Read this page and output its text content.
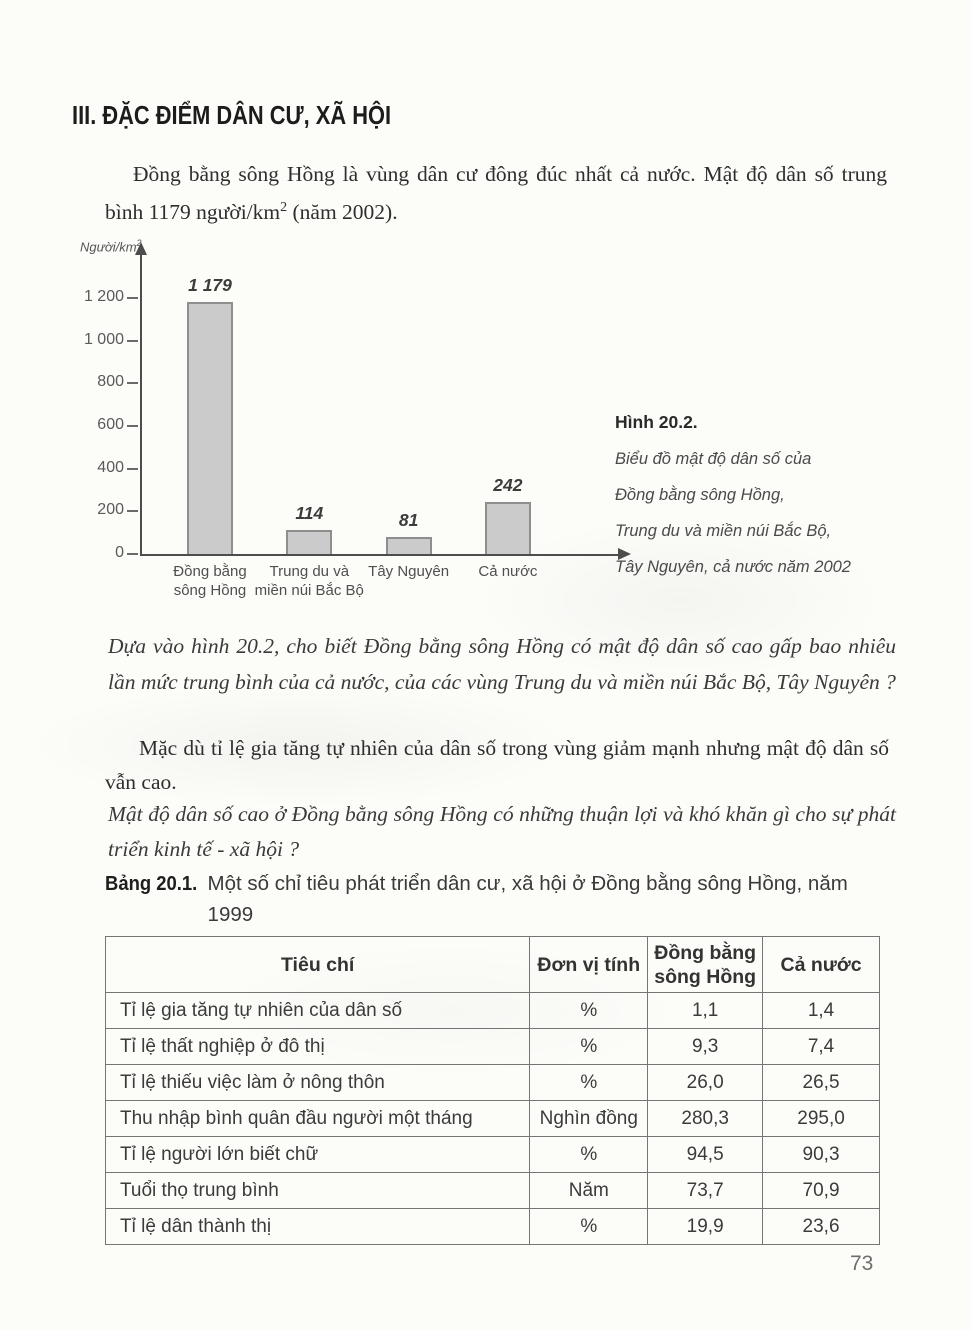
III. ĐẶC ĐIỂM DÂN CƯ, XÃ HỘI

Đồng bằng sông Hồng là vùng dân cư đông đúc nhất cả nước. Mật độ dân số trung bình 1179 người/$km^2$ (năm 2002).

Người/$km^2$
0
200
400
600
800
1 000
1 200
1 179
Đồng bằng
sông Hồng
114
Trung du và
miền núi Bắc Bộ
81
Tây Nguyên
242
Cả nước
Hình 20.2.
Biểu đồ mật độ dân số của
Đồng bằng sông Hồng,
Trung du và miền núi Bắc Bộ,
Tây Nguyên, cả nước năm 2002

Dựa vào hình 20.2, cho biết Đồng bằng sông Hồng có mật độ dân số cao gấp bao nhiêu lần mức trung bình của cả nước, của các vùng Trung du và miền núi Bắc Bộ, Tây Nguyên ?

Mặc dù tỉ lệ gia tăng tự nhiên của dân số trong vùng giảm mạnh nhưng mật độ dân số vẫn cao.

Mật độ dân số cao ở Đồng bằng sông Hồng có những thuận lợi và khó khăn gì cho sự phát triển kinh tế - xã hội ?

Bảng 20.1. Một số chỉ tiêu phát triển dân cư, xã hội ở Đồng bằng sông Hồng, năm 1999
Tiêu chí	Đơn vị tính	Đồng bằng
sông Hồng	Cả nước
Tỉ lệ gia tăng tự nhiên của dân số	%	1,1	1,4
Tỉ lệ thất nghiệp ở đô thị	%	9,3	7,4
Tỉ lệ thiếu việc làm ở nông thôn	%	26,0	26,5
Thu nhập bình quân đầu người một tháng	Nghìn đồng	280,3	295,0
Tỉ lệ người lớn biết chữ	%	94,5	90,3
Tuổi thọ trung bình	Năm	73,7	70,9
Tỉ lệ dân thành thị	%	19,9	23,6
73
